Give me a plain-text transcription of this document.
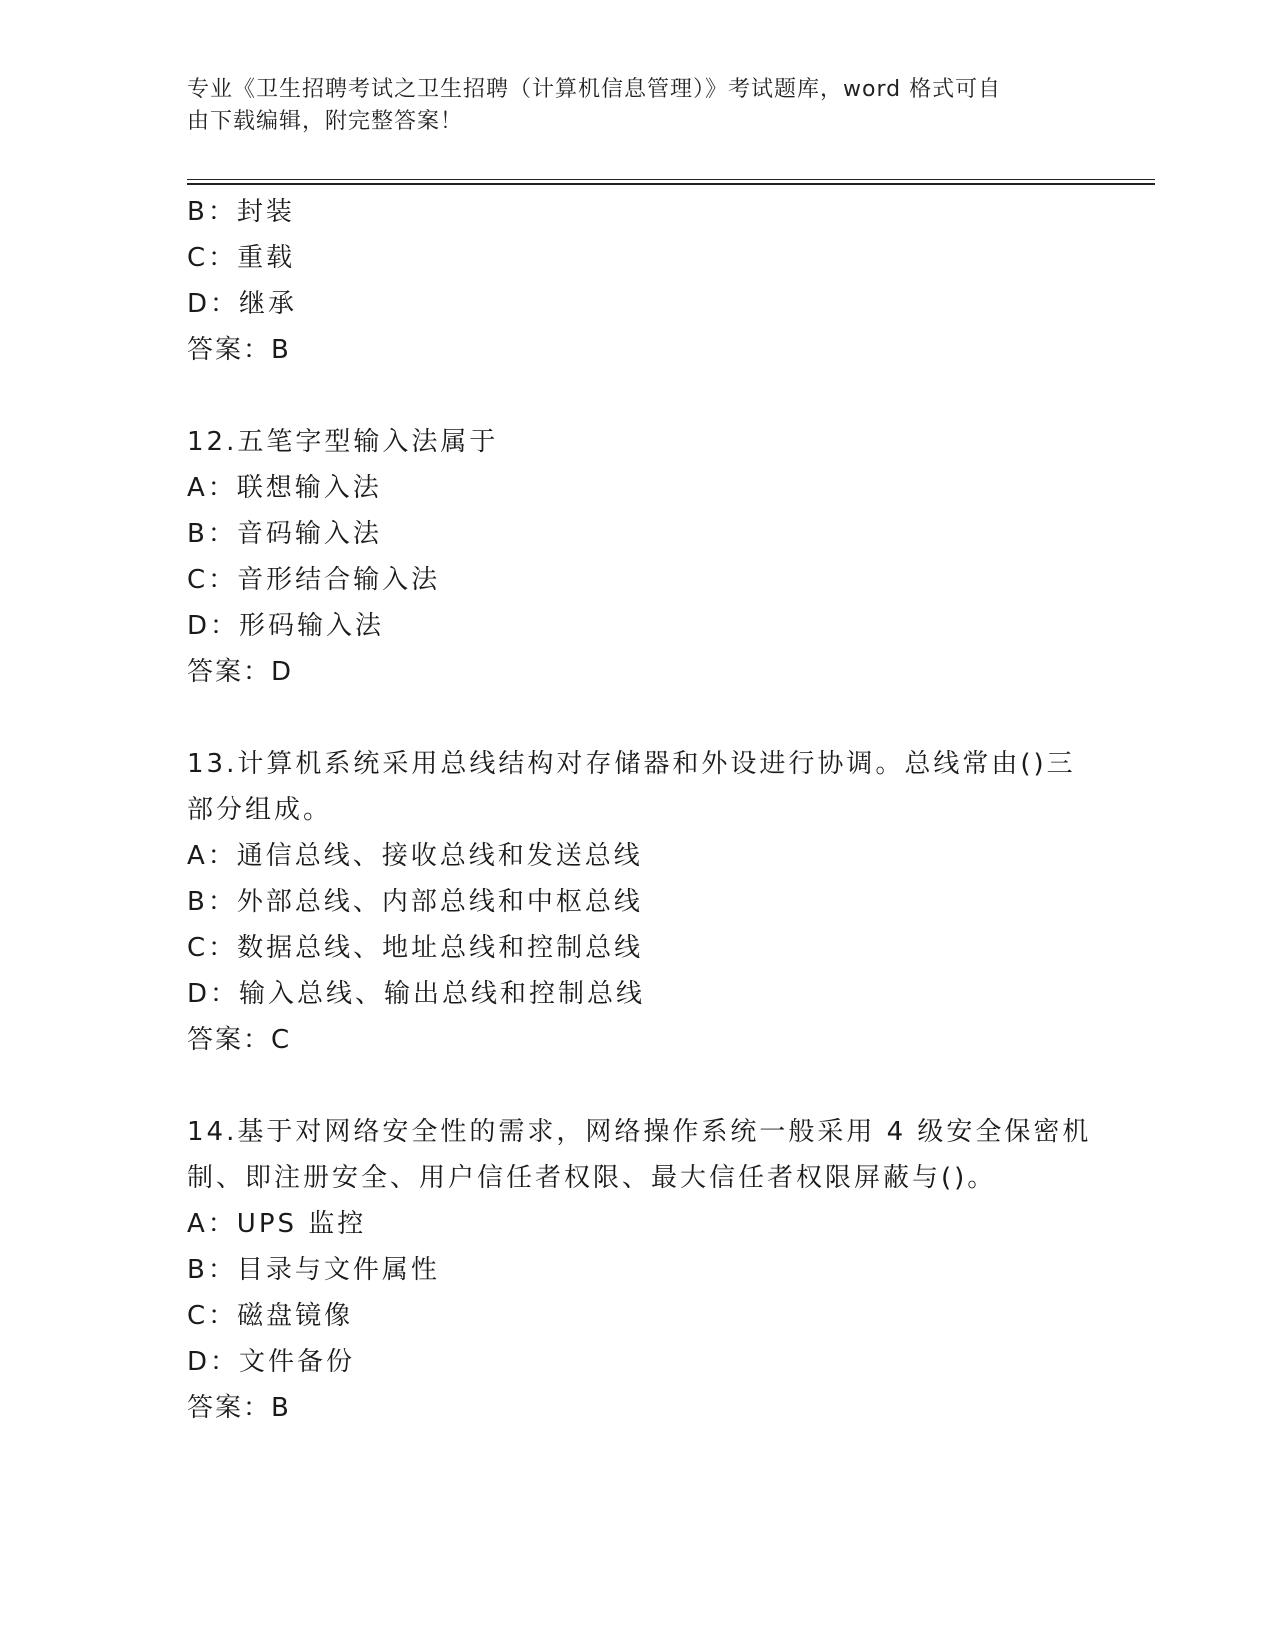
专业《卫生招聘考试之卫生招聘（计算机信息管理）》考试题库，word 格式可自
由下载编辑，附完整答案！
B：封装
C：重载
D：继承
答案：B
12.五笔字型输入法属于
A：联想输入法
B：音码输入法
C：音形结合输入法
D：形码输入法
答案：D
13.计算机系统采用总线结构对存储器和外设进行协调。总线常由()三
部分组成。
A：通信总线、接收总线和发送总线
B：外部总线、内部总线和中枢总线
C：数据总线、地址总线和控制总线
D：输入总线、输出总线和控制总线
答案：C
14.基于对网络安全性的需求，网络操作系统一般采用 4 级安全保密机
制、即注册安全、用户信任者权限、最大信任者权限屏蔽与()。
A：UPS 监控
B：目录与文件属性
C：磁盘镜像
D：文件备份
答案：B
